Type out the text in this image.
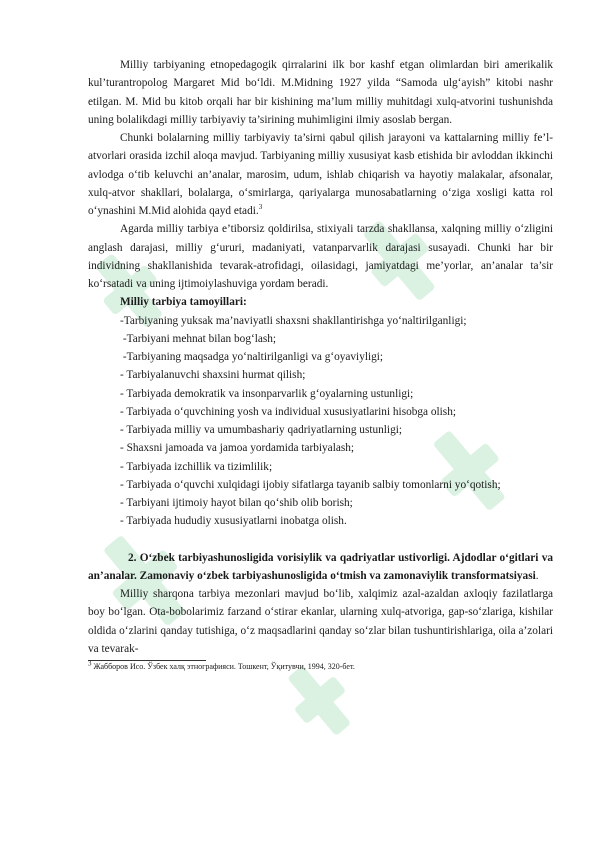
Milliy tarbiyaning etnopedagogik qirralarini ilk bor kashf etgan olimlardan biri amerikalik kul’turantropolog Margaret Mid bo‘ldi. M.Midning 1927 yilda “Samoda ulg‘ayish” kitobi nashr etilgan. M. Mid bu kitob orqali har bir kishining ma’lum milliy muhitdagi xulq-atvorini tushunishda uning bolalikdagi milliy tarbiyaviy ta’sirining muhimligini ilmiy asoslab bergan.

Chunki bolalarning milliy tarbiyaviy ta’sirni qabul qilish jarayoni va kattalarning milliy fe’l-atvorlari orasida izchil aloqa mavjud. Tarbiyaning milliy xususiyat kasb etishida bir avloddan ikkinchi avlodga o‘tib keluvchi an’analar, marosim, udum, ishlab chiqarish va hayotiy malakalar, afsonalar, xulq-atvor shakllari, bolalarga, o‘smirlarga, qariyalarga munosabatlarning o‘ziga xosligi katta rol o‘ynashini M.Mid alohida qayd etadi.$^3$

Agarda milliy tarbiya e’tiborsiz qoldirilsa, stixiyali tarzda shakllansa, xalqning milliy o‘zligini anglash darajasi, milliy g‘ururi, madaniyati, vatanparvarlik darajasi susayadi. Chunki har bir individning shakllanishida tevarak-atrofidagi, oilasidagi, jamiyatdagi me’yorlar, an’analar ta’sir ko‘rsatadi va uning ijtimoiylashuviga yordam beradi.

Milliy tarbiya tamoyillari:

-Tarbiyaning yuksak ma’naviyatli shaxsni shakllantirishga yo‘naltirilganligi;

-Tarbiyani mehnat bilan bog‘lash;

-Tarbiyaning maqsadga yo‘naltirilganligi va g‘oyaviyligi;

- Tarbiyalanuvchi shaxsini hurmat qilish;

- Tarbiyada demokratik va insonparvarlik g‘oyalarning ustunligi;

- Tarbiyada o‘quvchining yosh va individual xususiyatlarini hisobga olish;

- Tarbiyada milliy va umumbashariy qadriyatlarning ustunligi;

- Shaxsni jamoada va jamoa yordamida tarbiyalash;

- Tarbiyada izchillik va tizimlilik;

- Tarbiyada o‘quvchi xulqidagi ijobiy sifatlarga tayanib salbiy tomonlarni yo‘qotish;

- Tarbiyani ijtimoiy hayot bilan qo‘shib olib borish;

- Tarbiyada hududiy xususiyatlarni inobatga olish.

2. O‘zbek tarbiyashunosligida vorisiylik va qadriyatlar ustivorligi. Ajdodlar o‘gitlari va an’analar. Zamonaviy o‘zbek tarbiyashunosligida o‘tmish va zamonaviylik transformatsiyasi.

Milliy sharqona tarbiya mezonlari mavjud bo‘lib, xalqimiz azal-azaldan axloqiy fazilatlarga boy bo‘lgan. Ota-bobolarimiz farzand o‘stirar ekanlar, ularning xulq-atvoriga, gap-so‘zlariga, kishilar oldida o‘zlarini qanday tutishiga, o‘z maqsadlarini qanday so‘zlar bilan tushuntirishlariga, oila a’zolari va tevarak-

$^3$ Жабборов Исо. Ўзбек халқ этнографияси. Тошкент, Ўқитувчи, 1994, 320-бет.
